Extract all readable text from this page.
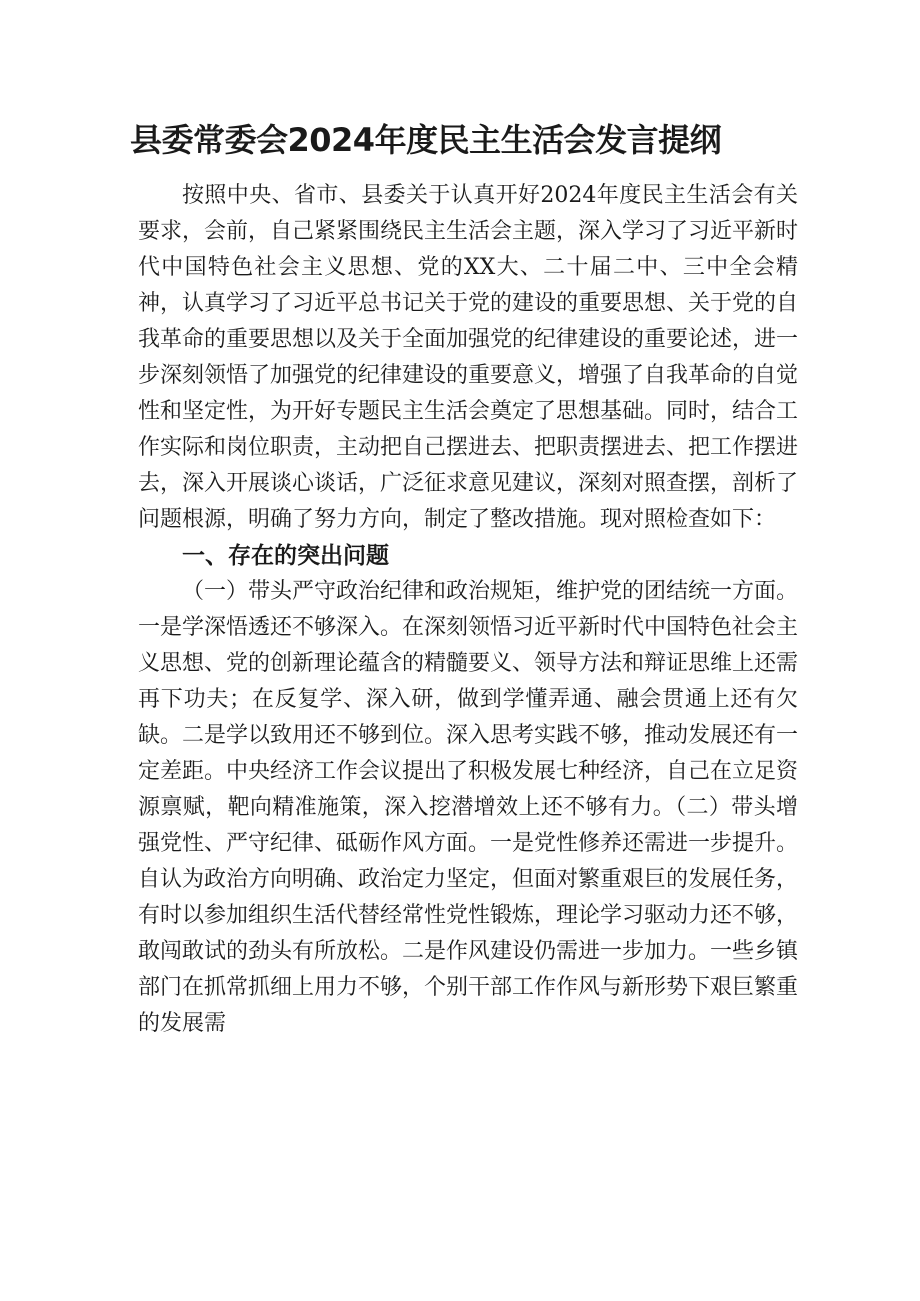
县委常委会2024年度民主生活会发言提纲

按照中央、省市、县委关于认真开好2024年度民主生活会有关要求，会前，自己紧紧围绕民主生活会主题，深入学习了习近平新时代中国特色社会主义思想、党的XX大、二十届二中、三中全会精神，认真学习了习近平总书记关于党的建设的重要思想、关于党的自我革命的重要思想以及关于全面加强党的纪律建设的重要论述，进一步深刻领悟了加强党的纪律建设的重要意义，增强了自我革命的自觉性和坚定性，为开好专题民主生活会奠定了思想基础。同时，结合工作实际和岗位职责，主动把自己摆进去、把职责摆进去、把工作摆进去，深入开展谈心谈话，广泛征求意见建议，深刻对照查摆，剖析了问题根源，明确了努力方向，制定了整改措施。现对照检查如下：

一、存在的突出问题

（一）带头严守政治纪律和政治规矩，维护党的团结统一方面。一是学深悟透还不够深入。在深刻领悟习近平新时代中国特色社会主义思想、党的创新理论蕴含的精髓要义、领导方法和辩证思维上还需再下功夫；在反复学、深入研，做到学懂弄通、融会贯通上还有欠缺。二是学以致用还不够到位。深入思考实践不够，推动发展还有一定差距。中央经济工作会议提出了积极发展七种经济，自己在立足资源禀赋，靶向精准施策，深入挖潜增效上还不够有力。（二）带头增强党性、严守纪律、砥砺作风方面。一是党性修养还需进一步提升。自认为政治方向明确、政治定力坚定，但面对繁重艰巨的发展任务，有时以参加组织生活代替经常性党性锻炼，理论学习驱动力还不够，敢闯敢试的劲头有所放松。二是作风建设仍需进一步加力。一些乡镇部门在抓常抓细上用力不够，个别干部工作作风与新形势下艰巨繁重的发展需
